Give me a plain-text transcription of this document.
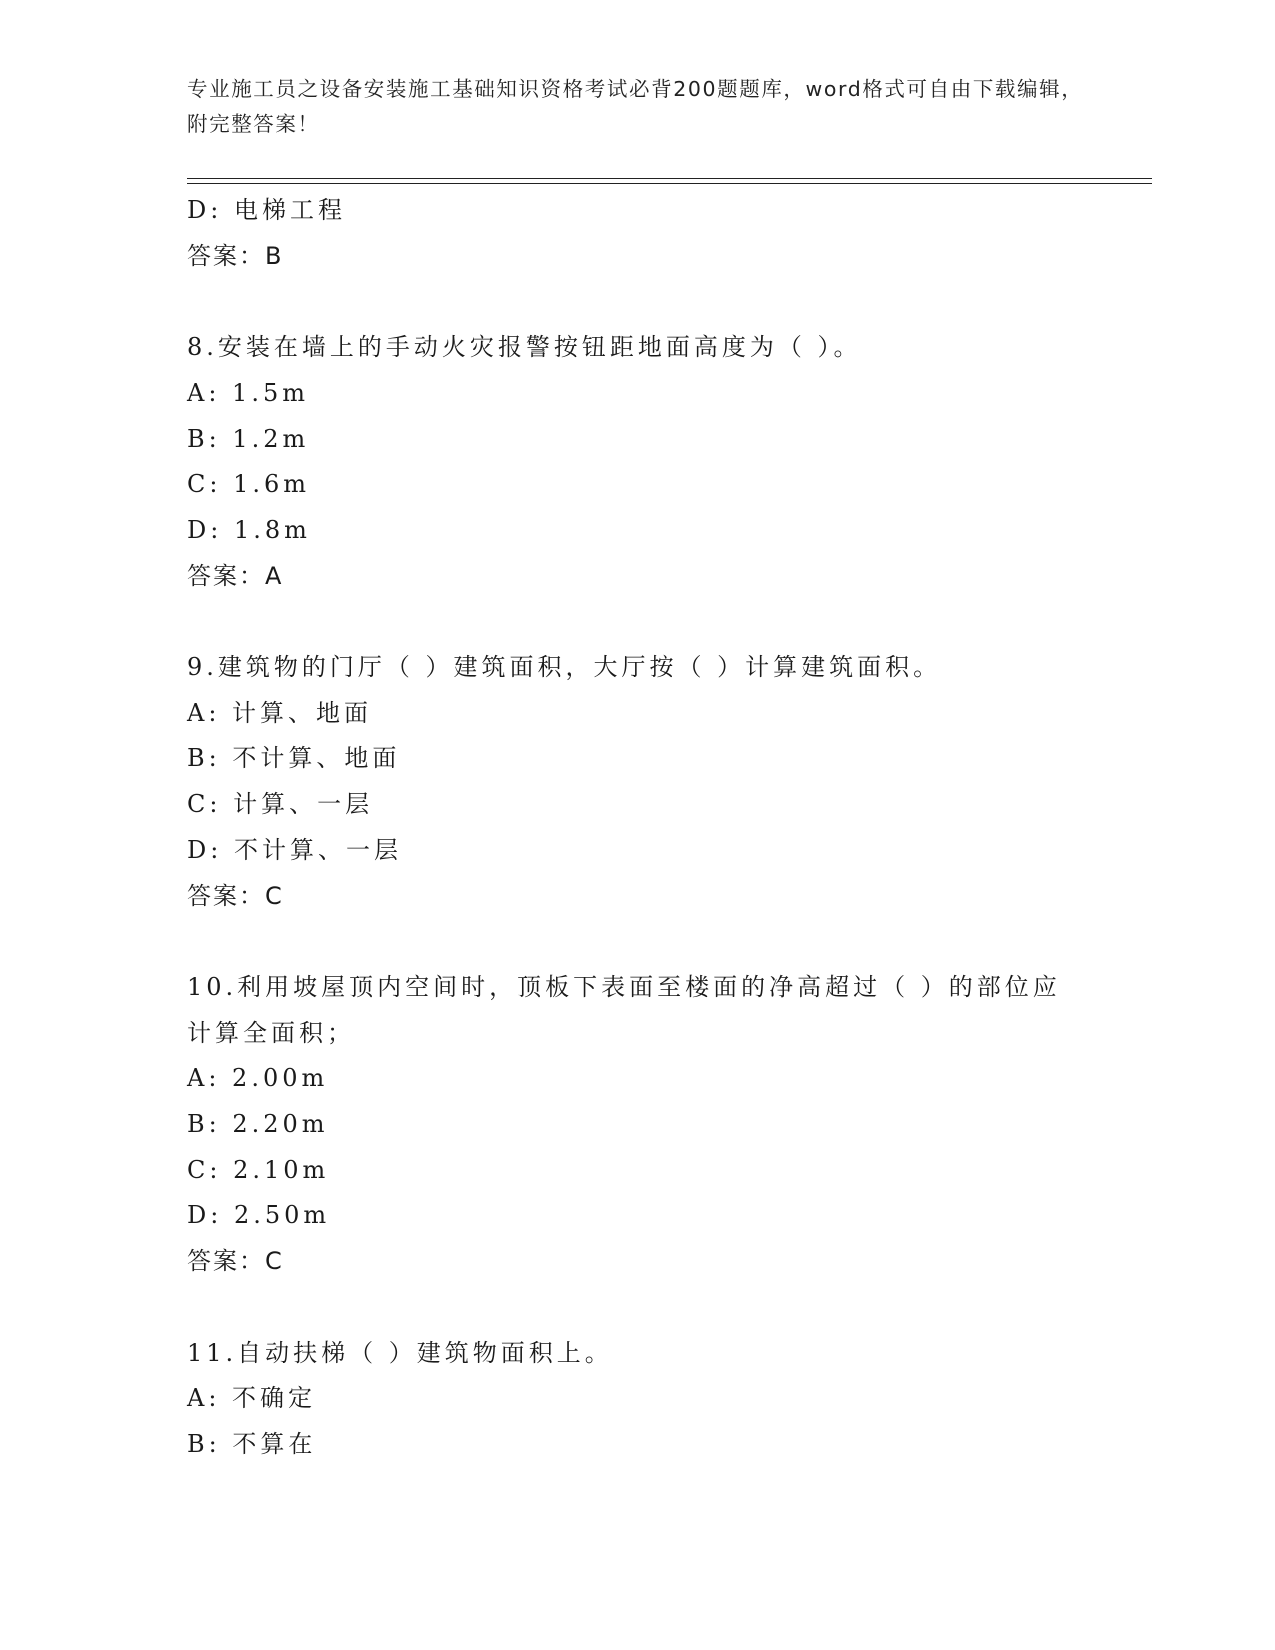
专业施工员之设备安装施工基础知识资格考试必背200题题库，word格式可自由下载编辑，附完整答案！
D: 电梯工程
答案：B
8.安装在墙上的手动火灾报警按钮距地面高度为（ ）。
A: 1.5m
B: 1.2m
C: 1.6m
D: 1.8m
答案：A
9.建筑物的门厅（ ）建筑面积，大厅按（ ）计算建筑面积。
A: 计算、地面
B: 不计算、地面
C: 计算、一层
D: 不计算、一层
答案：C
10.利用坡屋顶内空间时，顶板下表面至楼面的净高超过（ ）的部位应计算全面积；
A: 2.00m
B: 2.20m
C: 2.10m
D: 2.50m
答案：C
11.自动扶梯（ ）建筑物面积上。
A: 不确定
B: 不算在
